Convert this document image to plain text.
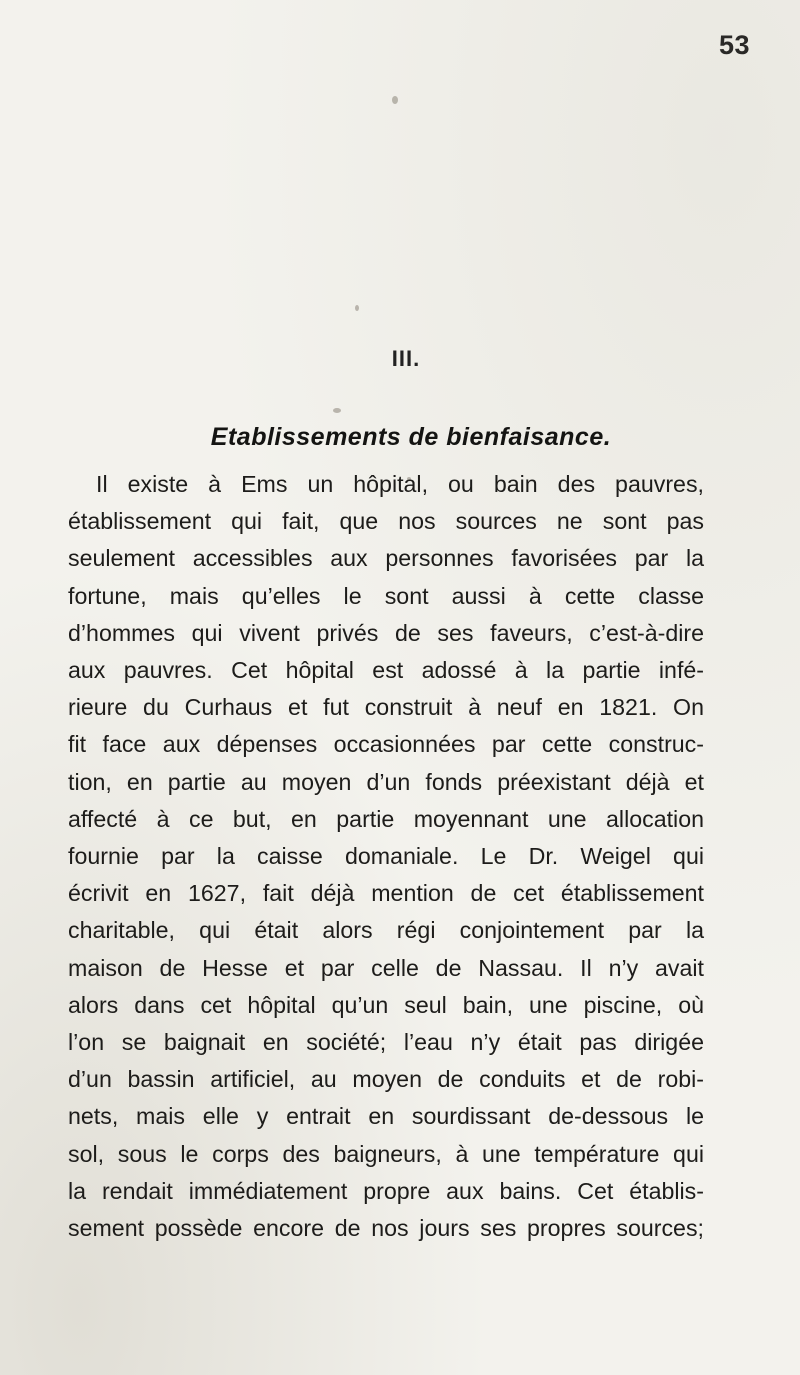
53
III.
Etablissements de bienfaisance.
Il existe à Ems un hôpital, ou bain des pauvres,
établissement qui fait, que nos sources ne sont pas
seulement accessibles aux personnes favorisées par la
fortune, mais qu’elles le sont aussi à cette classe
d’hommes qui vivent privés de ses faveurs, c’est-à-dire
aux pauvres. Cet hôpital est adossé à la partie infé-
rieure du Curhaus et fut construit à neuf en 1821. On
fit face aux dépenses occasionnées par cette construc-
tion, en partie au moyen d’un fonds préexistant déjà et
affecté à ce but, en partie moyennant une allocation
fournie par la caisse domaniale. Le Dr. Weigel qui
écrivit en 1627, fait déjà mention de cet établissement
charitable, qui était alors régi conjointement par la
maison de Hesse et par celle de Nassau. Il n’y avait
alors dans cet hôpital qu’un seul bain, une piscine, où
l’on se baignait en société; l’eau n’y était pas dirigée
d’un bassin artificiel, au moyen de conduits et de robi-
nets, mais elle y entrait en sourdissant de-dessous le
sol, sous le corps des baigneurs, à une température qui
la rendait immédiatement propre aux bains. Cet établis-
sement possède encore de nos jours ses propres sources;
